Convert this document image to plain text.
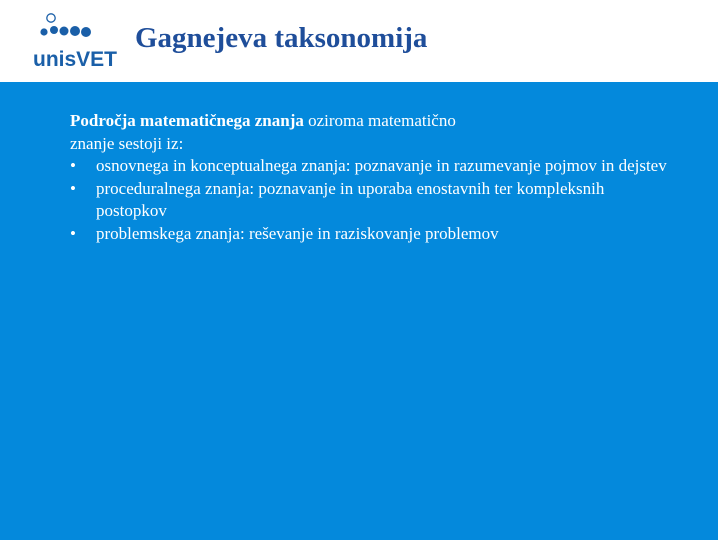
unisVET
Gagnejeva taksonomija

Področja matematičnega znanja oziroma matematično

znanje sestoji iz:

• osnovnega in konceptualnega znanja: poznavanje in razumevanje pojmov in dejstev
• proceduralnega znanja: poznavanje in uporaba enostavnih ter kompleksnih postopkov
• problemskega znanja: reševanje in raziskovanje problemov
